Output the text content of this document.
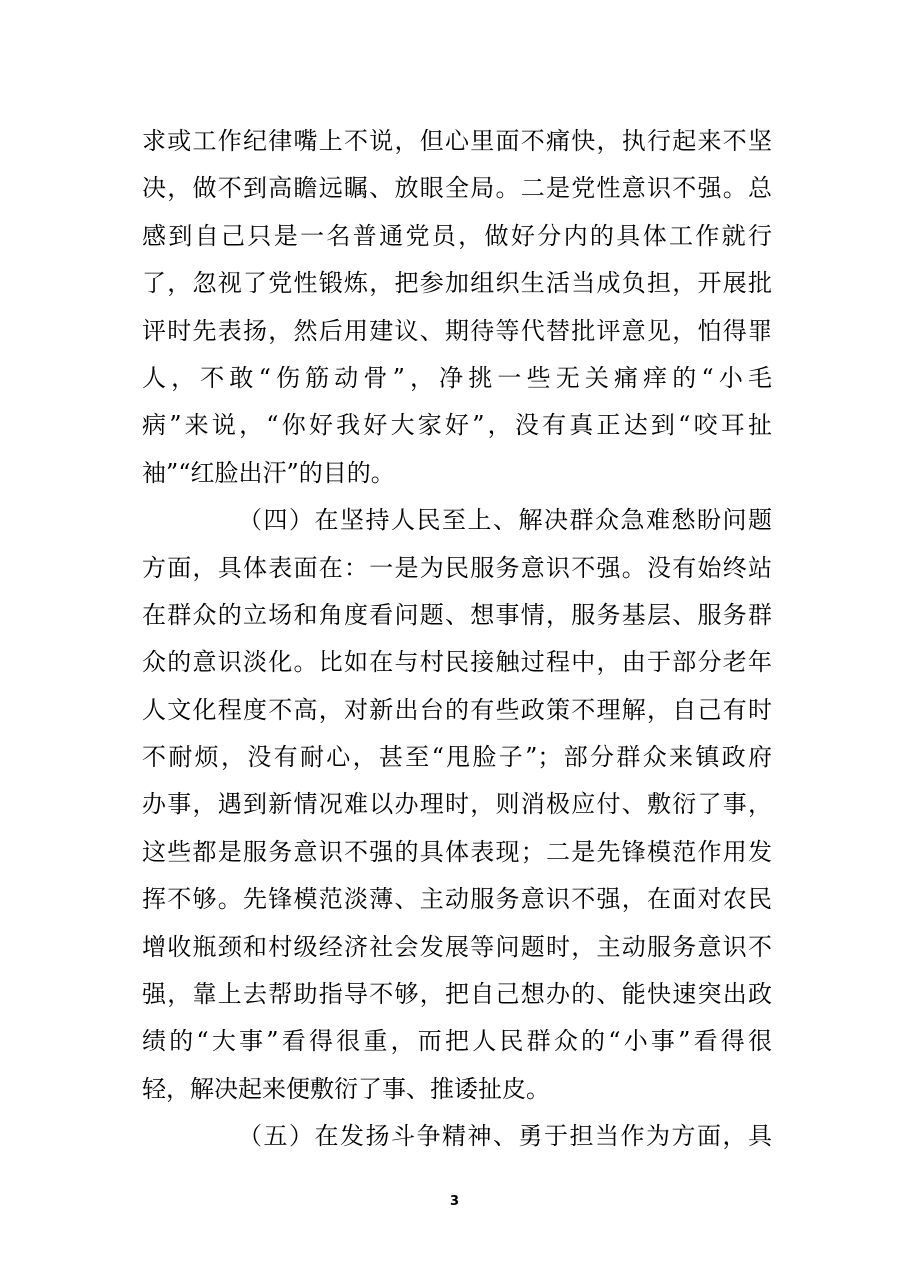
求或工作纪律嘴上不说，但心里面不痛快，执行起来不坚
决，做不到高瞻远瞩、放眼全局。二是党性意识不强。总
感到自己只是一名普通党员，做好分内的具体工作就行
了，忽视了党性锻炼，把参加组织生活当成负担，开展批
评时先表扬，然后用建议、期待等代替批评意见，怕得罪
人，不敢“伤筋动骨”，净挑一些无关痛痒的“小毛
病”来说，“你好我好大家好”，没有真正达到“咬耳扯
袖”“红脸出汗”的目的。
（四）在坚持人民至上、解决群众急难愁盼问题
方面，具体表面在：一是为民服务意识不强。没有始终站
在群众的立场和角度看问题、想事情，服务基层、服务群
众的意识淡化。比如在与村民接触过程中，由于部分老年
人文化程度不高，对新出台的有些政策不理解，自己有时
不耐烦，没有耐心，甚至“甩脸子”；部分群众来镇政府
办事，遇到新情况难以办理时，则消极应付、敷衍了事，
这些都是服务意识不强的具体表现；二是先锋模范作用发
挥不够。先锋模范淡薄、主动服务意识不强，在面对农民
增收瓶颈和村级经济社会发展等问题时，主动服务意识不
强，靠上去帮助指导不够，把自己想办的、能快速突出政
绩的“大事”看得很重，而把人民群众的“小事”看得很
轻，解决起来便敷衍了事、推诿扯皮。
（五）在发扬斗争精神、勇于担当作为方面，具
3
